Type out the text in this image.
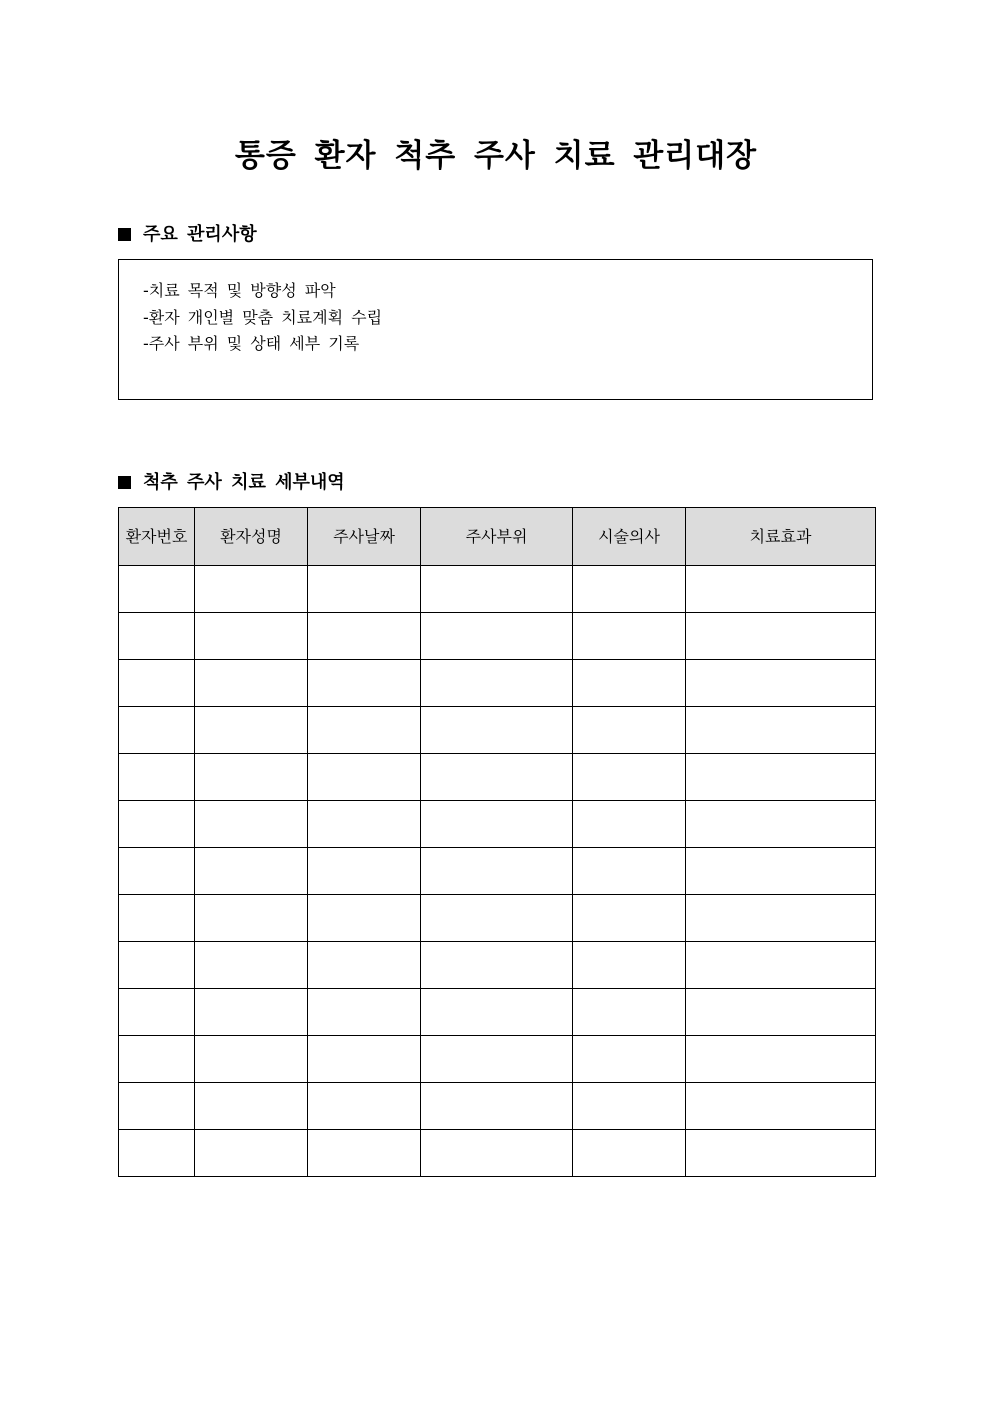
통증 환자 척추 주사 치료 관리대장
주요 관리사항
-치료 목적 및 방향성 파악
-환자 개인별 맞춤 치료계획 수립
-주사 부위 및 상태 세부 기록
척추 주사 치료 세부내역
환자번호	환자성명	주사날짜	주사부위	시술의사	치료효과
